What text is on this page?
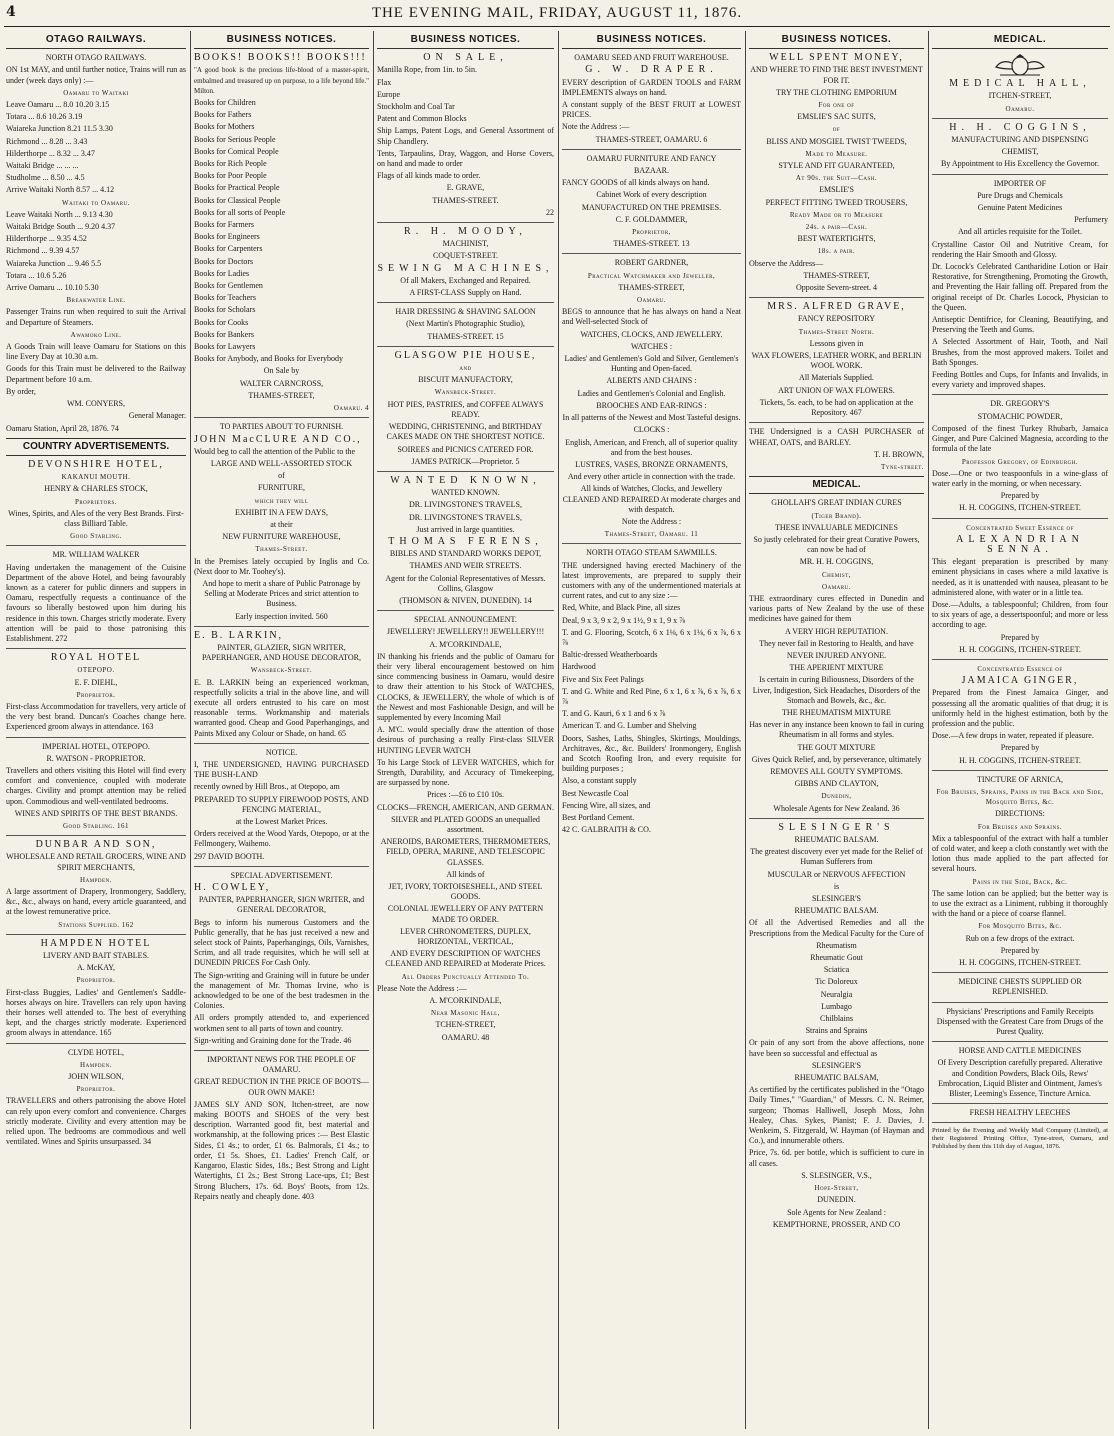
4	THE EVENING MAIL, FRIDAY, AUGUST 11, 1876.
OTAGO RAILWAYS.

NORTH OTAGO RAILWAYS.

ON 1st MAY, and until further notice, Trains will run as under (week days only) :—

Oamaru to Waitaki

Leave Oamaru ... 8.0 10.20 3.15

Totara ... 8.6 10.26 3.19

Waiareka Junction 8.21 11.5 3.30

Richmond ... 8.28 ... 3.43

Hilderthorpe ... 8.32 ... 3.47

Waitaki Bridge ... ... ...

Studholme ... 8.50 ... 4.5

Arrive Waitaki North 8.57 ... 4.12

Waitaki to Oamaru.

Leave Waitaki North ... 9.13 4.30

Waitaki Bridge South ... 9.20 4.37

Hilderthorpe ... 9.35 4.52

Richmond ... 9.39 4.57

Waiareka Junction ... 9.46 5.5

Totara ... 10.6 5.26

Arrive Oamaru ... 10.10 5.30

Breakwater Line.

Passenger Trains run when required to suit the Arrival and Departure of Steamers.

Awamoko Line.

A Goods Train will leave Oamaru for Stations on this line Every Day at 10.30 a.m.

Goods for this Train must be delivered to the Railway Department before 10 a.m.

By order,

WM. CONYERS,

General Manager.

Oamaru Station, April 28, 1876. 74

COUNTRY ADVERTISEMENTS.

DEVONSHIRE HOTEL,

KAKANUI MOUTH.

HENRY & CHARLES STOCK,

Proprietors.

Wines, Spirits, and Ales of the very Best Brands. First-class Billiard Table.

Good Stabling.

MR. WILLIAM WALKER

Having undertaken the management of the Cuisine Department of the above Hotel, and being favourably known as a caterer for public dinners and suppers in Oamaru, respectfully requests a continuance of the favours so liberally bestowed upon him during his residence in this town. Charges strictly moderate. Every attention will be paid to those patronising this Establishment. 272

ROYAL HOTEL

OTEPOPO.

E. F. DIEHL,

Proprietor.

First-class Accommodation for travellers, very article of the very best brand. Duncan's Coaches change here. Experienced groom always in attendance. 163

IMPERIAL HOTEL, OTEPOPO.

R. WATSON - PROPRIETOR.

Travellers and others visiting this Hotel will find every comfort and convenience, coupled with moderate charges. Civility and prompt attention may be relied upon. Commodious and well-ventilated bedrooms.

WINES AND SPIRITS OF THE BEST BRANDS.

Good Stabling. 161

DUNBAR AND SON,

WHOLESALE AND RETAIL GROCERS, WINE AND SPIRIT MERCHANTS,

Hampden.

A large assortment of Drapery, Ironmongery, Saddlery, &c., &c., always on hand, every article guaranteed, and at the lowest remunerative price.

Stations Supplied. 162

HAMPDEN HOTEL

LIVERY AND BAIT STABLES.

A. McKAY,

Proprietor.

First-class Buggies, Ladies' and Gentlemen's Saddle-horses always on hire. Travellers can rely upon having their horses well attended to. The best of everything kept, and the charges strictly moderate. Experienced groom always in attendance. 165

CLYDE HOTEL,

Hampden.

JOHN WILSON,

Proprietor.

TRAVELLERS and others patronising the above Hotel can rely upon every comfort and convenience. Charges strictly moderate. Civility and every attention may be relied upon. The bedrooms are commodious and well ventilated. Wines and Spirits unsurpassed. 34

BUSINESS NOTICES.

BOOKS! BOOKS!! BOOKS!!!

"A good book is the precious life-blood of a master-spirit, embalmed and treasured up on purpose, to a life beyond life." Milton.

Books for Children

Books for Fathers

Books for Mothers

Books for Serious People

Books for Comical People

Books for Rich People

Books for Poor People

Books for Practical People

Books for Classical People

Books for all sorts of People

Books for Farmers

Books for Engineers

Books for Carpenters

Books for Doctors

Books for Ladies

Books for Gentlemen

Books for Teachers

Books for Scholars

Books for Cooks

Books for Bankers

Books for Lawyers

Books for Anybody, and Books for Everybody

On Sale by

WALTER CARNCROSS,

THAMES-STREET,

Oamaru. 4

TO PARTIES ABOUT TO FURNISH.

JOHN MacCLURE AND CO.,

Would beg to call the attention of the Public to the

LARGE AND WELL-ASSORTED STOCK

of

FURNITURE,

which they will

EXHIBIT IN A FEW DAYS,

at their

NEW FURNITURE WAREHOUSE,

Thames-Street.

In the Premises lately occupied by Inglis and Co. (Next door to Mr. Toohey's).

And hope to merit a share of Public Patronage by Selling at Moderate Prices and strict attention to Business.

Early inspection invited. 560

E. B. LARKIN,

PAINTER, GLAZIER, SIGN WRITER, PAPERHANGER, AND HOUSE DECORATOR,

Wansbeck-Street.

E. B. LARKIN being an experienced workman, respectfully solicits a trial in the above line, and will execute all orders entrusted to his care on most reasonable terms. Workmanship and materials warranted good. Cheap and Good Paperhangings, and Paints Mixed any Colour or Shade, on hand. 65

NOTICE.

I, THE UNDERSIGNED, HAVING PURCHASED THE BUSH-LAND

recently owned by Hill Bros., at Otepopo, am

PREPARED TO SUPPLY FIREWOOD POSTS, AND FENCING MATERIAL,

at the Lowest Market Prices.

Orders received at the Wood Yards, Otepopo, or at the Fellmongery, Waihemo.

297 DAVID BOOTH.

SPECIAL ADVERTISEMENT.

H. COWLEY,

PAINTER, PAPERHANGER, SIGN WRITER, and GENERAL DECORATOR,

Begs to inform his numerous Customers and the Public generally, that he has just received a new and select stock of Paints, Paperhangings, Oils, Varnishes, Scrim, and all trade requisites, which he will sell at DUNEDIN PRICES For Cash Only.

The Sign-writing and Graining will in future be under the management of Mr. Thomas Irvine, who is acknowledged to be one of the best tradesmen in the Colonies.

All orders promptly attended to, and experienced workmen sent to all parts of town and country.

Sign-writing and Graining done for the Trade. 46

IMPORTANT NEWS FOR THE PEOPLE OF OAMARU.

GREAT REDUCTION IN THE PRICE OF BOOTS—OUR OWN MAKE!

JAMES SLY AND SON, Itchen-street, are now making BOOTS and SHOES of the very best description. Warranted good fit, best material and workmanship, at the following prices :— Best Elastic Sides, £1 4s.; to order, £1 6s. Balmorals, £1 4s.; to order, £1 5s. Shoes, £1. Ladies' French Calf, or Kangaroo, Elastic Sides, 18s.; Best Strong and Light Watertights, £1 2s.; Best Strong Lace-ups, £1; Best Strong Bluchers, 17s. 6d. Boys' Boots, from 12s. Repairs neatly and cheaply done. 403

BUSINESS NOTICES.

ON SALE,

Manilla Rope, from 1in. to 5in.

Flax

Europe

Stockholm and Coal Tar

Patent and Common Blocks

Ship Lamps, Patent Logs, and General Assortment of Ship Chandlery.

Tents, Tarpaulins, Dray, Waggon, and Horse Covers, on hand and made to order

Flags of all kinds made to order.

E. GRAVE,

THAMES-STREET.

22

R. H. MOODY,

MACHINIST,

COQUET-STREET.

SEWING MACHINES,

Of all Makers, Exchanged and Repaired.

A FIRST-CLASS Supply on Hand.

HAIR DRESSING & SHAVING SALOON

(Next Martin's Photographic Studio),

THAMES-STREET. 15

GLASGOW PIE HOUSE,

and

BISCUIT MANUFACTORY,

Wansbeck-Street.

HOT PIES, PASTRIES, and COFFEE ALWAYS READY.

WEDDING, CHRISTENING, and BIRTHDAY CAKES MADE ON THE SHORTEST NOTICE.

SOIREES and PICNICS CATERED FOR.

JAMES PATRICK—Proprietor. 5

WANTED KNOWN,

WANTED KNOWN.

DR. LIVINGSTONE'S TRAVELS,

DR. LIVINGSTONE'S TRAVELS,

Just arrived in large quantities.

THOMAS FERENS,

BIBLES AND STANDARD WORKS DEPOT,

THAMES AND WEIR STREETS.

Agent for the Colonial Representatives of Messrs. Collins, Glasgow

(THOMSON & NIVEN, DUNEDIN). 14

SPECIAL ANNOUNCEMENT.

JEWELLERY! JEWELLERY!! JEWELLERY!!!

A. M'CORKINDALE,

IN thanking his friends and the public of Oamaru for their very liberal encouragement bestowed on him since commencing business in Oamaru, would desire to draw their attention to his Stock of WATCHES, CLOCKS, & JEWELLERY, the whole of which is of the Newest and most Fashionable Design, and will be supplemented by every Incoming Mail

A. M'C. would specially draw the attention of those desirous of purchasing a really First-class SILVER HUNTING LEVER WATCH

To his Large Stock of LEVER WATCHES, which for Strength, Durability, and Accuracy of Timekeeping, are surpassed by none.

Prices :—£6 to £10 10s.

CLOCKS—FRENCH, AMERICAN, AND GERMAN.

SILVER and PLATED GOODS an unequalled assortment.

ANEROIDS, BAROMETERS, THERMOMETERS, FIELD, OPERA, MARINE, AND TELESCOPIC GLASSES.

All kinds of

JET, IVORY, TORTOISESHELL, AND STEEL GOODS.

COLONIAL JEWELLERY OF ANY PATTERN MADE TO ORDER.

LEVER CHRONOMETERS, DUPLEX, HORIZONTAL, VERTICAL,

AND EVERY DESCRIPTION OF WATCHES CLEANED AND REPAIRED at Moderate Prices.

All Orders Punctually Attended To.

Please Note the Address :—

A. M'CORKINDALE,

Near Masonic Hall,

TCHEN-STREET,

OAMARU. 48

BUSINESS NOTICES.

OAMARU SEED AND FRUIT WAREHOUSE.

G. W. DRAPER.

EVERY description of GARDEN TOOLS and FARM IMPLEMENTS always on hand.

A constant supply of the BEST FRUIT at LOWEST PRICES.

Note the Address :—

THAMES-STREET, OAMARU. 6

OAMARU FURNITURE AND FANCY

BAZAAR.

FANCY GOODS of all kinds always on hand.

Cabinet Work of every description

MANUFACTURED ON THE PREMISES.

C. F. GOLDAMMER,

Proprietor,

THAMES-STREET. 13

ROBERT GARDNER,

Practical Watchmaker and Jeweller,

THAMES-STREET,

Oamaru.

BEGS to announce that he has always on hand a Neat and Well-selected Stock of

WATCHES, CLOCKS, AND JEWELLERY.

WATCHES :

Ladies' and Gentlemen's Gold and Silver, Gentlemen's Hunting and Open-faced.

ALBERTS AND CHAINS :

Ladies and Gentlemen's Colonial and English.

BROOCHES AND EAR-RINGS :

In all patterns of the Newest and Most Tasteful designs.

CLOCKS :

English, American, and French, all of superior quality and from the best houses.

LUSTRES, VASES, BRONZE ORNAMENTS,

And every other article in connection with the trade.

All kinds of Watches, Clocks, and Jewellery CLEANED AND REPAIRED At moderate charges and with despatch.

Note the Address :

Thames-Street, Oamaru. 11

NORTH OTAGO STEAM SAWMILLS.

THE undersigned having erected Machinery of the latest improvements, are prepared to supply their customers with any of the undermentioned materials at current rates, and cut to any size :—

Red, White, and Black Pine, all sizes

Deal, 9 x 3, 9 x 2, 9 x 1½, 9 x 1, 9 x ⅞

T. and G. Flooring, Scotch, 6 x 1⅛, 6 x 1⅛, 6 x ⅞, 6 x ⅞

Baltic-dressed Weatherboards

Hardwood

Five and Six Feet Palings

T. and G. White and Red Pine, 6 x 1, 6 x ⅞, 6 x ⅞, 6 x ⅞

T. and G. Kauri, 6 x 1 and 6 x ⅞

American T. and G. Lumber and Shelving

Doors, Sashes, Laths, Shingles, Skirtings, Mouldings, Architraves, &c., &c. Builders' Ironmongery, English and Scotch Roofing Iron, and every requisite for building purposes ;

Also, a constant supply

Best Newcastle Coal

Fencing Wire, all sizes, and

Best Portland Cement.

42 C. GALBRAITH & CO.

BUSINESS NOTICES.

WELL SPENT MONEY,

AND WHERE TO FIND THE BEST INVESTMENT FOR IT.

TRY THE CLOTHING EMPORIUM

For one of

EMSLIE'S SAC SUITS,

of

BLISS AND MOSGIEL TWIST TWEEDS,

Made to Measure.

STYLE AND FIT GUARANTEED,

At 90s. the Suit—Cash.

EMSLIE'S

PERFECT FITTING TWEED TROUSERS,

Ready Made or to Measure

24s. a pair—Cash.

BEST WATERTIGHTS,

18s. a pair.

Observe the Address—

THAMES-STREET,

Opposite Severn-street. 4

MRS. ALFRED GRAVE,

FANCY REPOSITORY

Thames-Street North.

Lessons given in

WAX FLOWERS, LEATHER WORK, and BERLIN WOOL WORK.

All Materials Supplied.

ART UNION OF WAX FLOWERS.

Tickets, 5s. each, to be had on application at the Repository. 467

THE Undersigned is a CASH PURCHASER of WHEAT, OATS, and BARLEY.

T. H. BROWN,

Tyne-street.

MEDICAL.

GHOLLAH'S GREAT INDIAN CURES

(Tiger Brand).

THESE INVALUABLE MEDICINES

So justly celebrated for their great Curative Powers, can now be had of

MR. H. H. COGGINS,

Chemist,

Oamaru.

THE extraordinary cures effected in Dunedin and various parts of New Zealand by the use of these medicines have gained for them

A VERY HIGH REPUTATION.

They never fail in Restoring to Health, and have

NEVER INJURED ANYONE.

THE APERIENT MIXTURE

Is certain in curing Biliousness, Disorders of the Liver, Indigestion, Sick Headaches, Disorders of the Stomach and Bowels, &c., &c.

THE RHEUMATISM MIXTURE

Has never in any instance been known to fail in curing Rheumatism in all forms and styles.

THE GOUT MIXTURE

Gives Quick Relief, and, by perseverance, ultimately

REMOVES ALL GOUTY SYMPTOMS.

GIBBS AND CLAYTON,

Dunedin,

Wholesale Agents for New Zealand. 36

SLESINGER'S

RHEUMATIC BALSAM.

The greatest discovery ever yet made for the Relief of Human Sufferers from

MUSCULAR or NERVOUS AFFECTION

is

SLESINGER'S

RHEUMATIC BALSAM.

Of all the Advertised Remedies and all the Prescriptions from the Medical Faculty for the Cure of

Rheumatism

Rheumatic Gout

Sciatica

Tic Doloreux

Neuralgia

Lumbago

Chilblains

Strains and Sprains

Or pain of any sort from the above affections, none have been so successful and effectual as

SLESINGER'S

RHEUMATIC BALSAM,

As certified by the certificates published in the "Otago Daily Times," "Guardian," of Messrs. C. N. Reimer, surgeon; Thomas Halliwell, Joseph Moss, John Healey, Chas. Sykes, Pianist; F. J. Davies, J. Wenkeim, S. Fitzgerald, W. Hayman (of Hayman and Co.), and innumerable others.

Price, 7s. 6d. per bottle, which is sufficient to cure in all cases.

S. SLESINGER, V.S.,

Hope-Street,

DUNEDIN.

Sole Agents for New Zealand :

KEMPTHORNE, PROSSER, AND CO

MEDICAL.

MEDICAL HALL,

ITCHEN-STREET,

Oamaru.

H. H. COGGINS,

MANUFACTURING AND DISPENSING

CHEMIST,

By Appointment to His Excellency the Governor.

IMPORTER OF

Pure Drugs and Chemicals

Genuine Patent Medicines

Perfumery

And all articles requisite for the Toilet.

Crystalline Castor Oil and Nutritive Cream, for rendering the Hair Smooth and Glossy.

Dr. Locock's Celebrated Cantharidine Lotion or Hair Restorative, for Strengthening, Promoting the Growth, and Preventing the Hair falling off. Prepared from the original receipt of Dr. Charles Locock, Physician to the Queen.

Antiseptic Dentifrice, for Cleaning, Beautifying, and Preserving the Teeth and Gums.

A Selected Assortment of Hair, Tooth, and Nail Brushes, from the most approved makers. Toilet and Bath Sponges.

Feeding Bottles and Cups, for Infants and Invalids, in every variety and improved shapes.

DR. GREGORY'S

STOMACHIC POWDER,

Composed of the finest Turkey Rhubarb, Jamaica Ginger, and Pure Calcined Magnesia, according to the formula of the late

Professor Gregory, of Edinburgh.

Dose.—One or two teaspoonfuls in a wine-glass of water early in the morning, or when necessary.

Prepared by

H. H. COGGINS, ITCHEN-STREET.

Concentrated Sweet Essence of

ALEXANDRIAN SENNA.

This elegant preparation is prescribed by many eminent physicians in cases where a mild laxative is needed, as it is unattended with nausea, pleasant to be administered alone, with water or in a little tea.

Dose.—Adults, a tablespoonful; Children, from four to six years of age, a dessertspoonful; and more or less according to age.

Prepared by

H. H. COGGINS, ITCHEN-STREET.

Concentrated Essence of

JAMAICA GINGER,

Prepared from the Finest Jamaica Ginger, and possessing all the aromatic qualities of that drug; it is uniformly held in the highest estimation, both by the profession and the public.

Dose.—A few drops in water, repeated if pleasure.

Prepared by

H. H. COGGINS, ITCHEN-STREET.

TINCTURE OF ARNICA,

For Bruises, Sprains, Pains in the Back and Side, Mosquito Bites, &c.

DIRECTIONS:

For Bruises and Sprains.

Mix a tablespoonful of the extract with half a tumbler of cold water, and keep a cloth constantly wet with the lotion thus made applied to the part affected for several hours.

Pains in the Side, Back, &c.

The same lotion can be applied; but the better way is to use the extract as a Liniment, rubbing it thoroughly with the hand or a piece of coarse flannel.

For Mosquito Bites, &c.

Rub on a few drops of the extract.

Prepared by

H. H. COGGINS, ITCHEN-STREET.

MEDICINE CHESTS SUPPLIED OR REPLENISHED.

Physicians' Prescriptions and Family Receipts Dispensed with the Greatest Care from Drugs of the Purest Quality.

HORSE AND CATTLE MEDICINES

Of Every Description carefully prepared. Alterative and Condition Powders, Black Oils, Rews' Embrocation, Liquid Blister and Ointment, James's Blister, Leeming's Essence, Tincture Arnica.

FRESH HEALTHY LEECHES

Printed by the Evening and Weekly Mail Company (Limited), at their Registered Printing Office, Tyne-street, Oamaru, and Published by them this 11th day of August, 1876.
